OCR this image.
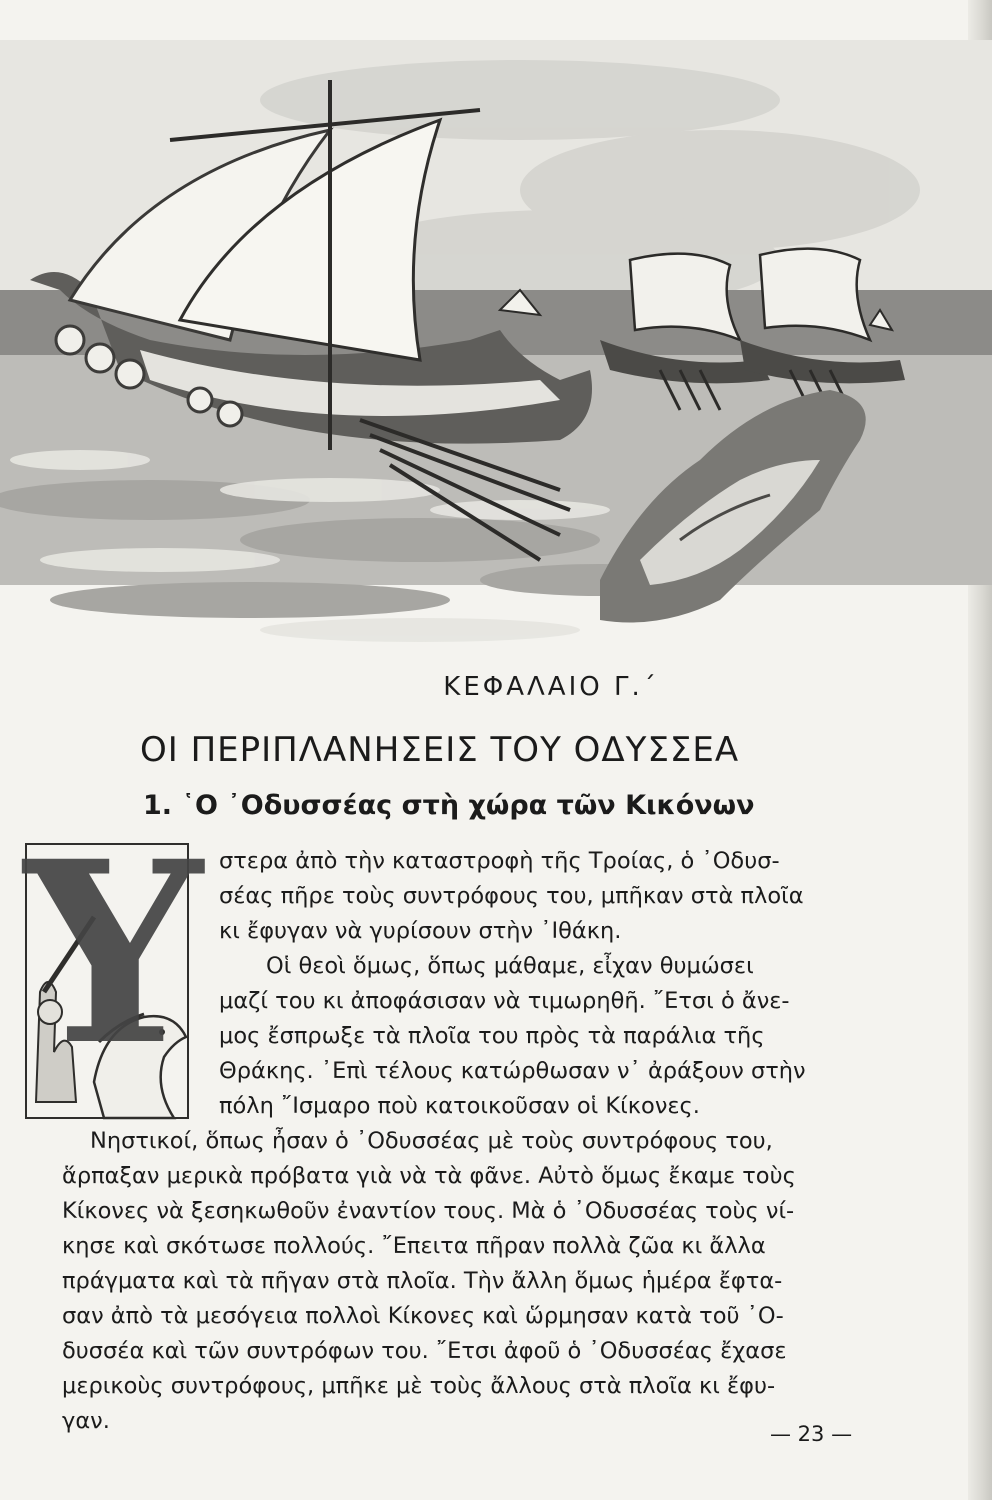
ΚΕΦΑΛΑΙΟ Γ.΄
ΟΙ ΠΕΡΙΠΛΑΝΗΣΕΙΣ ΤΟΥ ΟΔΥΣΣΕΑ
1. ῾Ο ᾿Οδυσσέας στὴ χώρα τῶν Κικόνων
Y στερα ἀπὸ τὴν καταστροφὴ τῆς Τροίας, ὁ ᾿Οδυσ-
σέας πῆρε τοὺς συντρόφους του, μπῆκαν στὰ πλοῖα
κι ἔφυγαν νὰ γυρίσουν στὴν ᾿Ιθάκη.
Οἱ θεοὶ ὅμως, ὅπως μάθαμε, εἶχαν θυμώσει
μαζί του κι ἀποφάσισαν νὰ τιμωρηθῆ. ῎Ετσι ὁ ἄνε-
μος ἔσπρωξε τὰ πλοῖα του πρὸς τὰ παράλια τῆς
Θράκης. ᾿Επὶ τέλους κατώρθωσαν ν᾿ ἀράξουν στὴν
πόλη ῎Ισμαρο ποὺ κατοικοῦσαν οἱ Κίκονες.
Νηστικοί, ὅπως ἦσαν ὁ ᾿Οδυσσέας μὲ τοὺς συντρόφους του,
ἅρπαξαν μερικὰ πρόβατα γιὰ νὰ τὰ φᾶνε. Αὐτὸ ὅμως ἔκαμε τοὺς
Κίκονες νὰ ξεσηκωθοῦν ἐναντίον τους. Μὰ ὁ ᾿Οδυσσέας τοὺς νί-
κησε καὶ σκότωσε πολλούς. ῎Επειτα πῆραν πολλὰ ζῶα κι ἄλλα
πράγματα καὶ τὰ πῆγαν στὰ πλοῖα. Τὴν ἄλλη ὅμως ἡμέρα ἔφτα-
σαν ἀπὸ τὰ μεσόγεια πολλοὶ Κίκονες καὶ ὥρμησαν κατὰ τοῦ ᾿Ο-
δυσσέα καὶ τῶν συντρόφων του. ῎Ετσι ἀφοῦ ὁ ᾿Οδυσσέας ἔχασε
μερικοὺς συντρόφους, μπῆκε μὲ τοὺς ἄλλους στὰ πλοῖα κι ἔφυ-
γαν.	— 23 —
